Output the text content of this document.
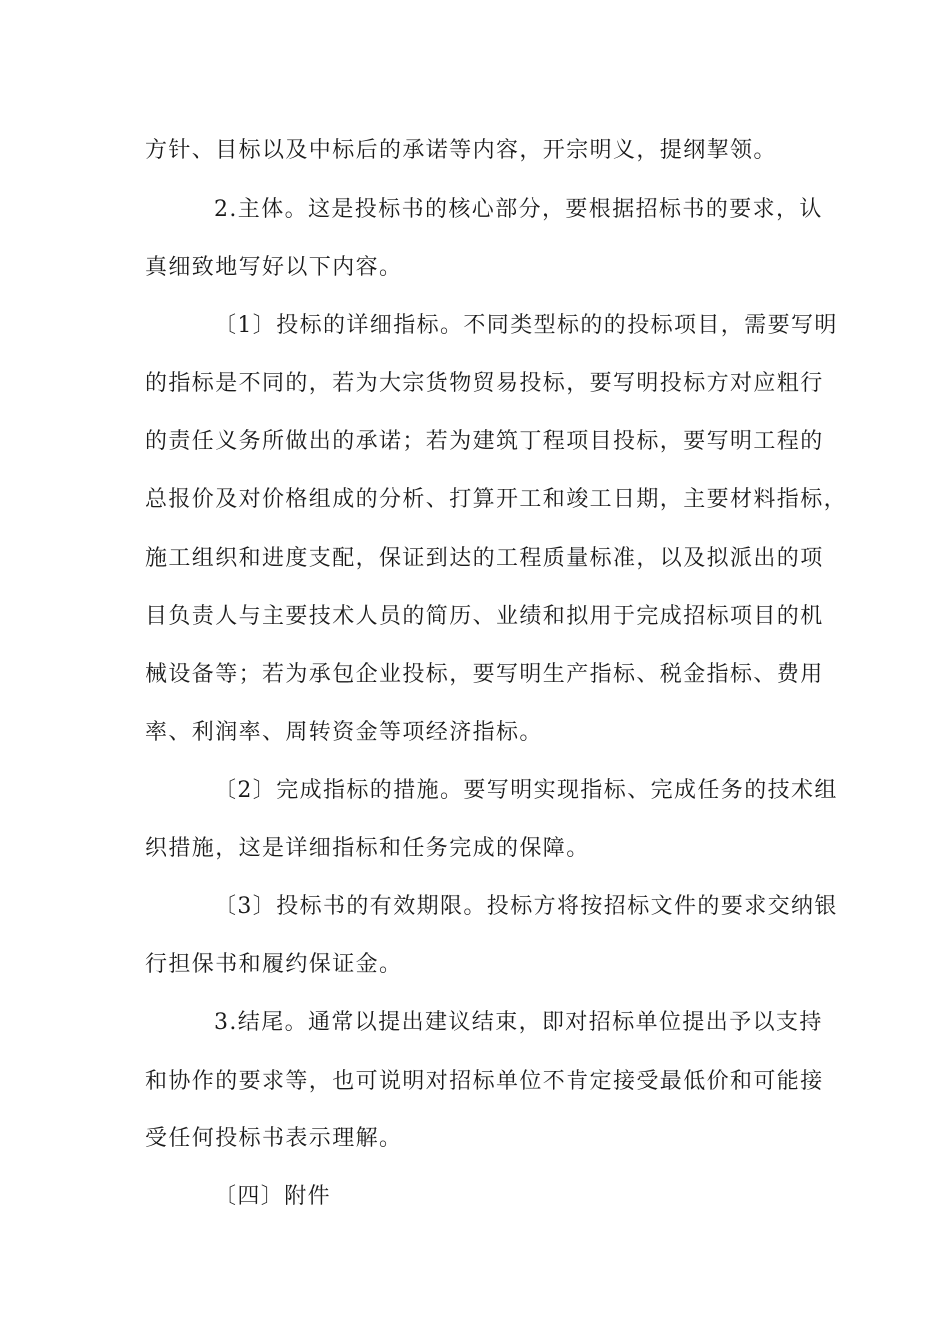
方针、目标以及中标后的承诺等内容，开宗明义，提纲挈领。

2.主体。这是投标书的核心部分，要根据招标书的要求，认

真细致地写好以下内容。

〔1〕投标的详细指标。不同类型标的的投标项目，需要写明

的指标是不同的，若为大宗货物贸易投标，要写明投标方对应粗行

的责任义务所做出的承诺；若为建筑丁程项目投标，要写明工程的

总报价及对价格组成的分析、打算开工和竣工日期，主要材料指标，

施工组织和进度支配，保证到达的工程质量标准，以及拟派出的项

目负责人与主要技术人员的简历、业绩和拟用于完成招标项目的机

械设备等；若为承包企业投标，要写明生产指标、税金指标、费用

率、利润率、周转资金等项经济指标。

〔2〕完成指标的措施。要写明实现指标、完成任务的技术组

织措施，这是详细指标和任务完成的保障。

〔3〕投标书的有效期限。投标方将按招标文件的要求交纳银

行担保书和履约保证金。

3.结尾。通常以提出建议结束，即对招标单位提出予以支持

和协作的要求等，也可说明对招标单位不肯定接受最低价和可能接

受任何投标书表示理解。

〔四〕附件
